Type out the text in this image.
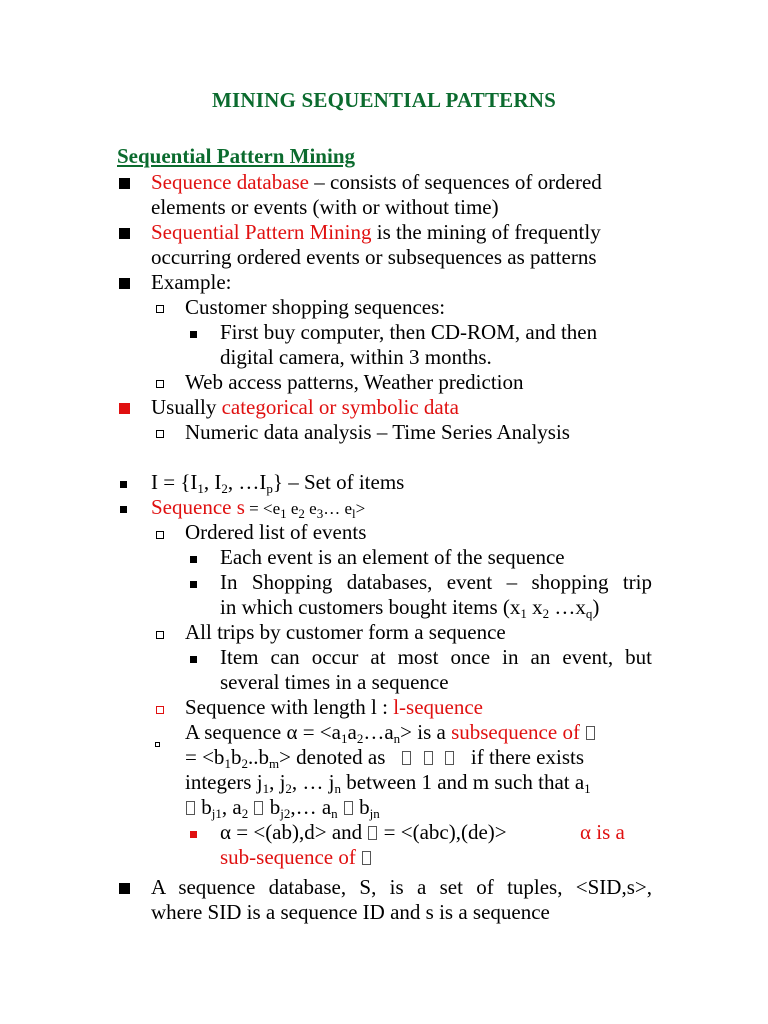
MINING SEQUENTIAL PATTERNS
Sequential Pattern Mining
Sequence database – consists of sequences of ordered
elements or events (with or without time)
Sequential Pattern Mining is the mining of frequently
occurring ordered events or subsequences as patterns
Example:
Customer shopping sequences:
First buy computer, then CD-ROM, and then
digital camera, within 3 months.
Web access patterns, Weather prediction
Usually categorical or symbolic data
Numeric data analysis – Time Series Analysis
$I = \{I_1$, $I_2$, $\dots I_p$} – Set of items
Sequence $s = <e_1$ $e_2$ $e_3\dots$ $e_l>$
Ordered list of events
Each event is an element of the sequence
In Shopping databases, event – shopping trip
in which customers bought items ($x_1$ $x_2$ $\dots x_q$)
All trips by customer form a sequence
Item can occur at most once in an event, but
several times in a sequence
Sequence with length l : l-sequence
A sequence $\alpha = <a_1a_2\dots a_n>$ is a subsequence of
= $<b_1b_2..b_m>$ denoted as	if there exists
integers $j_1$, $j_2$, … $j_n$ between 1 and m such that $a_1$
$b_{j1}$, $a_2$  $b_{j2},\dots$ $a_n$  $b_{jn}$
α = <(ab),d> and = <(abc),(de)>	α is a
sub-sequence of
A sequence database, S, is a set of tuples, <SID,s>,
where SID is a sequence ID and s is a sequence
